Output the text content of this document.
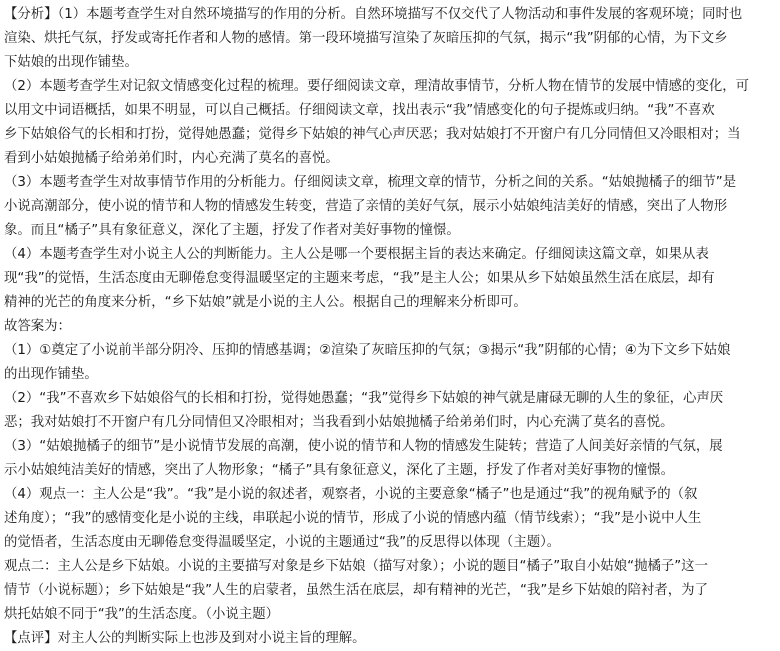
【分析】（1）本题考查学生对自然环境描写的作用的分析。自然环境描写不仅交代了人物活动和事件发展的客观环境；同时也
渲染、烘托气氛，抒发或寄托作者和人物的感情。第一段环境描写渲染了灰暗压抑的气氛，揭示“我”阴郁的心情，为下文乡
下姑娘的出现作铺垫。
（2）本题考查学生对记叙文情感变化过程的梳理。要仔细阅读文章，理清故事情节，分析人物在情节的发展中情感的变化，可
以用文中词语概括，如果不明显，可以自己概括。仔细阅读文章，找出表示“我”情感变化的句子提炼或归纳。“我”不喜欢
乡下姑娘俗气的长相和打扮，觉得她愚蠢；觉得乡下姑娘的神气心声厌恶；我对姑娘打不开窗户有几分同情但又冷眼相对；当
看到小姑娘抛橘子给弟弟们时，内心充满了莫名的喜悦。
（3）本题考查学生对故事情节作用的分析能力。仔细阅读文章，梳理文章的情节，分析之间的关系。“姑娘抛橘子的细节”是
小说高潮部分，使小说的情节和人物的情感发生转变，营造了亲情的美好气氛，展示小姑娘纯洁美好的情感，突出了人物形
象。而且“橘子”具有象征意义，深化了主题，抒发了作者对美好事物的憧憬。
（4）本题考查学生对小说主人公的判断能力。主人公是哪一个要根据主旨的表达来确定。仔细阅读这篇文章，如果从表
现“我”的觉悟，生活态度由无聊倦怠变得温暖坚定的主题来考虑，“我”是主人公；如果从乡下姑娘虽然生活在底层，却有
精神的光芒的角度来分析，“乡下姑娘”就是小说的主人公。根据自己的理解来分析即可。
故答案为：
（1）①奠定了小说前半部分阴冷、压抑的情感基调；②渲染了灰暗压抑的气氛；③揭示“我”阴郁的心情；④为下文乡下姑娘
的出现作铺垫。
（2）“我”不喜欢乡下姑娘俗气的长相和打扮，觉得她愚蠢；“我”觉得乡下姑娘的神气就是庸碌无聊的人生的象征，心声厌
恶；我对姑娘打不开窗户有几分同情但又冷眼相对；当我看到小姑娘抛橘子给弟弟们时，内心充满了莫名的喜悦。
（3）“姑娘抛橘子的细节”是小说情节发展的高潮，使小说的情节和人物的情感发生陡转；营造了人间美好亲情的气氛，展
示小姑娘纯洁美好的情感，突出了人物形象；“橘子”具有象征意义，深化了主题，抒发了作者对美好事物的憧憬。
（4）观点一：主人公是“我”。“我”是小说的叙述者，观察者，小说的主要意象“橘子”也是通过“我”的视角赋予的（叙
述角度）；“我”的感情变化是小说的主线，串联起小说的情节，形成了小说的情感内蕴（情节线索）；“我”是小说中人生
的觉悟者，生活态度由无聊倦怠变得温暖坚定，小说的主题通过“我”的反思得以体现（主题）。
观点二：主人公是乡下姑娘。小说的主要描写对象是乡下姑娘（描写对象）；小说的题目“橘子”取自小姑娘“抛橘子”这一
情节（小说标题）；乡下姑娘是“我”人生的启蒙者，虽然生活在底层，却有精神的光芒，“我”是乡下姑娘的陪衬者，为了
烘托姑娘不同于“我”的生活态度。（小说主题）
【点评】对主人公的判断实际上也涉及到对小说主旨的理解。
